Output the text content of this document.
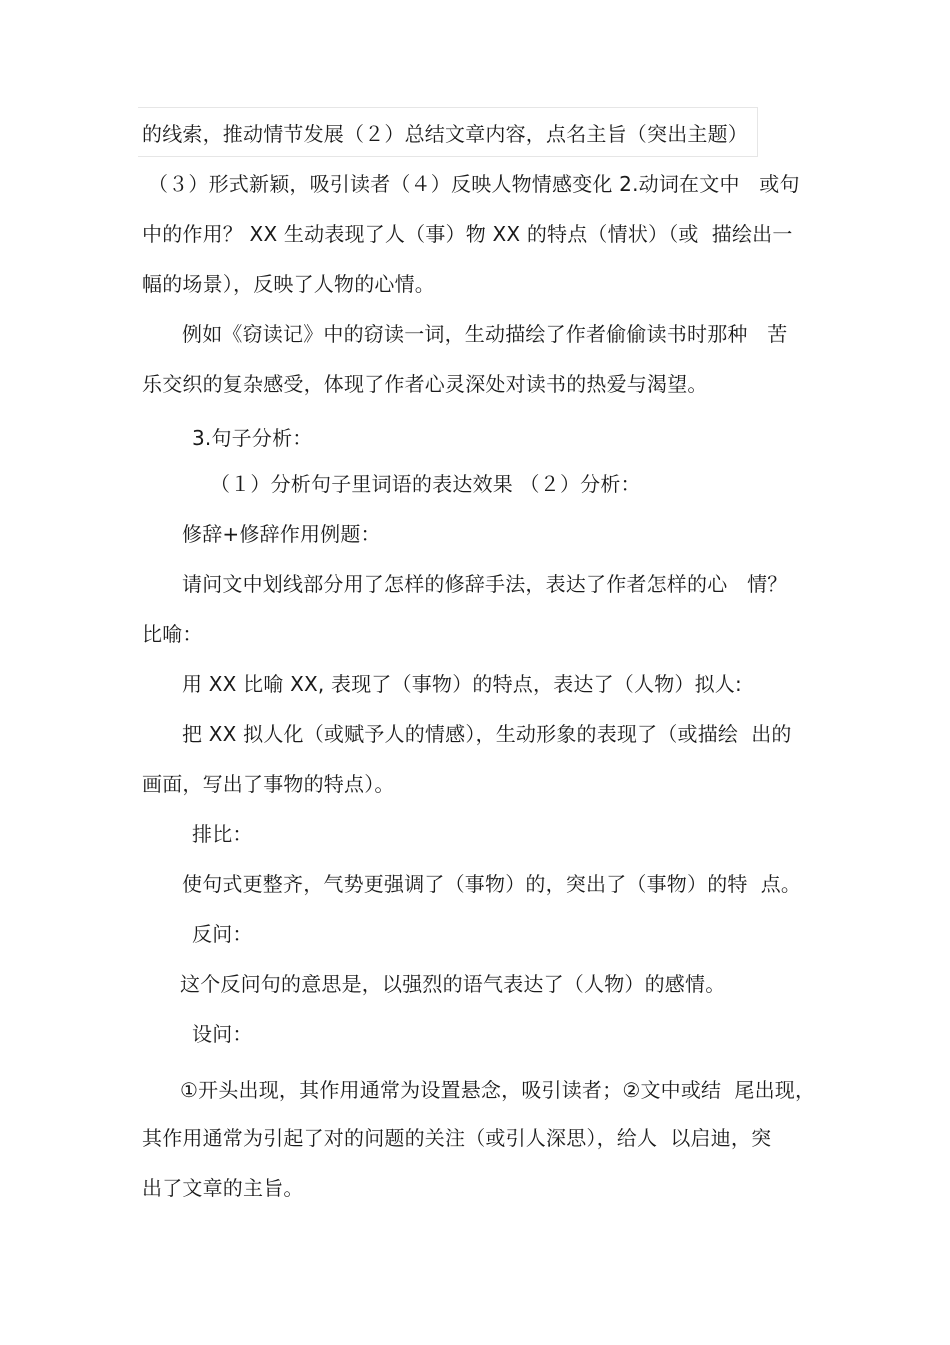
的线索，推动情节发展（２）总结文章内容，点名主旨（突出主题）
（３）形式新颖，吸引读者（４）反映人物情感变化 2.动词在文中   或句
中的作用？ XX 生动表现了人（事）物 XX 的特点（情状）（或  描绘出一
幅的场景），反映了人物的心情。
例如《窃读记》中的窃读一词，生动描绘了作者偷偷读书时那种   苦
乐交织的复杂感受，体现了作者心灵深处对读书的热爱与渴望。
3.句子分析：
（１）分析句子里词语的表达效果 （２）分析：
修辞+修辞作用例题：
请问文中划线部分用了怎样的修辞手法，表达了作者怎样的心   情？
比喻：
用 XX 比喻 XX, 表现了（事物）的特点，表达了（人物）拟人:
把 XX 拟人化（或赋予人的情感），生动形象的表现了（或描绘  出的
画面，写出了事物的特点）。
排比：
使句式更整齐，气势更强调了（事物）的，突出了（事物）的特  点。
反问：
这个反问句的意思是，以强烈的语气表达了（人物）的感情。
设问：
①开头出现，其作用通常为设置悬念，吸引读者；②文中或结  尾出现，
其作用通常为引起了对的问题的关注（或引人深思），给人  以启迪，突
出了文章的主旨。
